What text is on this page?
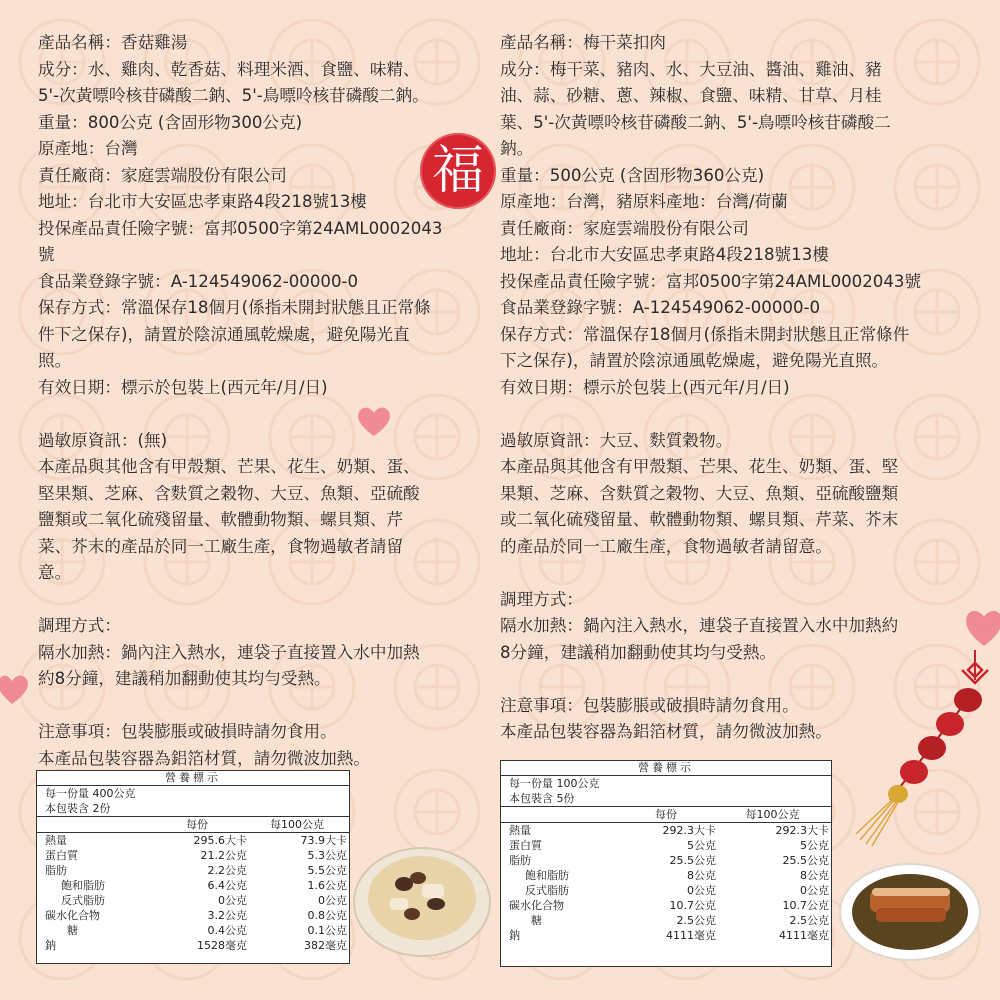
福

產品名稱：香菇雞湯

成分：水、雞肉、乾香菇、料理米酒、食鹽、味精、

5'-次黃嘌呤核苷磷酸二鈉、5'-鳥嘌呤核苷磷酸二鈉。

重量：800公克 (含固形物300公克)

原產地：台灣

責任廠商：家庭雲端股份有限公司

地址：台北市大安區忠孝東路4段218號13樓

投保產品責任險字號：富邦0500字第24AML0002043

號

食品業登錄字號：A-124549062-00000-0

保存方式：常溫保存18個月(係指未開封狀態且正常條

件下之保存)，請置於陰涼通風乾燥處，避免陽光直

照。

有效日期：標示於包裝上(西元年/月/日)

過敏原資訊：(無)

本產品與其他含有甲殼類、芒果、花生、奶類、蛋、

堅果類、芝麻、含麩質之穀物、大豆、魚類、亞硫酸

鹽類或二氧化硫殘留量、軟體動物類、螺貝類、芹

菜、芥末的產品於同一工廠生產，食物過敏者請留

意。

調理方式：

隔水加熱：鍋內注入熱水，連袋子直接置入水中加熱

約8分鐘，建議稍加翻動使其均勻受熱。

注意事項：包裝膨脹或破損時請勿食用。

本產品包裝容器為鋁箔材質，請勿微波加熱。

產品名稱：梅干菜扣肉

成分：梅干菜、豬肉、水、大豆油、醬油、雞油、豬

油、蒜、砂糖、蔥、辣椒、食鹽、味精、甘草、月桂

葉、5'-次黃嘌呤核苷磷酸二鈉、5'-鳥嘌呤核苷磷酸二

鈉。

重量：500公克 (含固形物360公克)

原產地：台灣，豬原料產地：台灣/荷蘭

責任廠商：家庭雲端股份有限公司

地址：台北市大安區忠孝東路4段218號13樓

投保產品責任險字號：富邦0500字第24AML0002043號

食品業登錄字號：A-124549062-00000-0

保存方式：常溫保存18個月(係指未開封狀態且正常條件

下之保存)，請置於陰涼通風乾燥處，避免陽光直照。

有效日期：標示於包裝上(西元年/月/日)

過敏原資訊：大豆、麩質穀物。

本產品與其他含有甲殼類、芒果、花生、奶類、蛋、堅

果類、芝麻、含麩質之穀物、大豆、魚類、亞硫酸鹽類

或二氧化硫殘留量、軟體動物類、螺貝類、芹菜、芥末

的產品於同一工廠生產，食物過敏者請留意。

調理方式：

隔水加熱：鍋內注入熱水，連袋子直接置入水中加熱約

8分鐘，建議稍加翻動使其均勻受熱。

注意事項：包裝膨脹或破損時請勿食用。

本產品包裝容器為鋁箔材質，請勿微波加熱。

營養標示
每一份量 400公克
本包裝含 2份
每份	每100公克
熱量	295.6大卡	73.9大卡
蛋白質	21.2公克	5.3公克
脂肪	2.2公克	5.5公克
飽和脂肪	6.4公克	1.6公克
反式脂肪	0公克	0公克
碳水化合物	3.2公克	0.8公克
糖	0.4公克	0.1公克
鈉	1528毫克	382毫克
營養標示
每一份量 100公克
本包裝含 5份
每份	每100公克
熱量	292.3大卡	292.3大卡
蛋白質	5公克	5公克
脂肪	25.5公克	25.5公克
飽和脂肪	8公克	8公克
反式脂肪	0公克	0公克
碳水化合物	10.7公克	10.7公克
糖	2.5公克	2.5公克
鈉	4111毫克	4111毫克
